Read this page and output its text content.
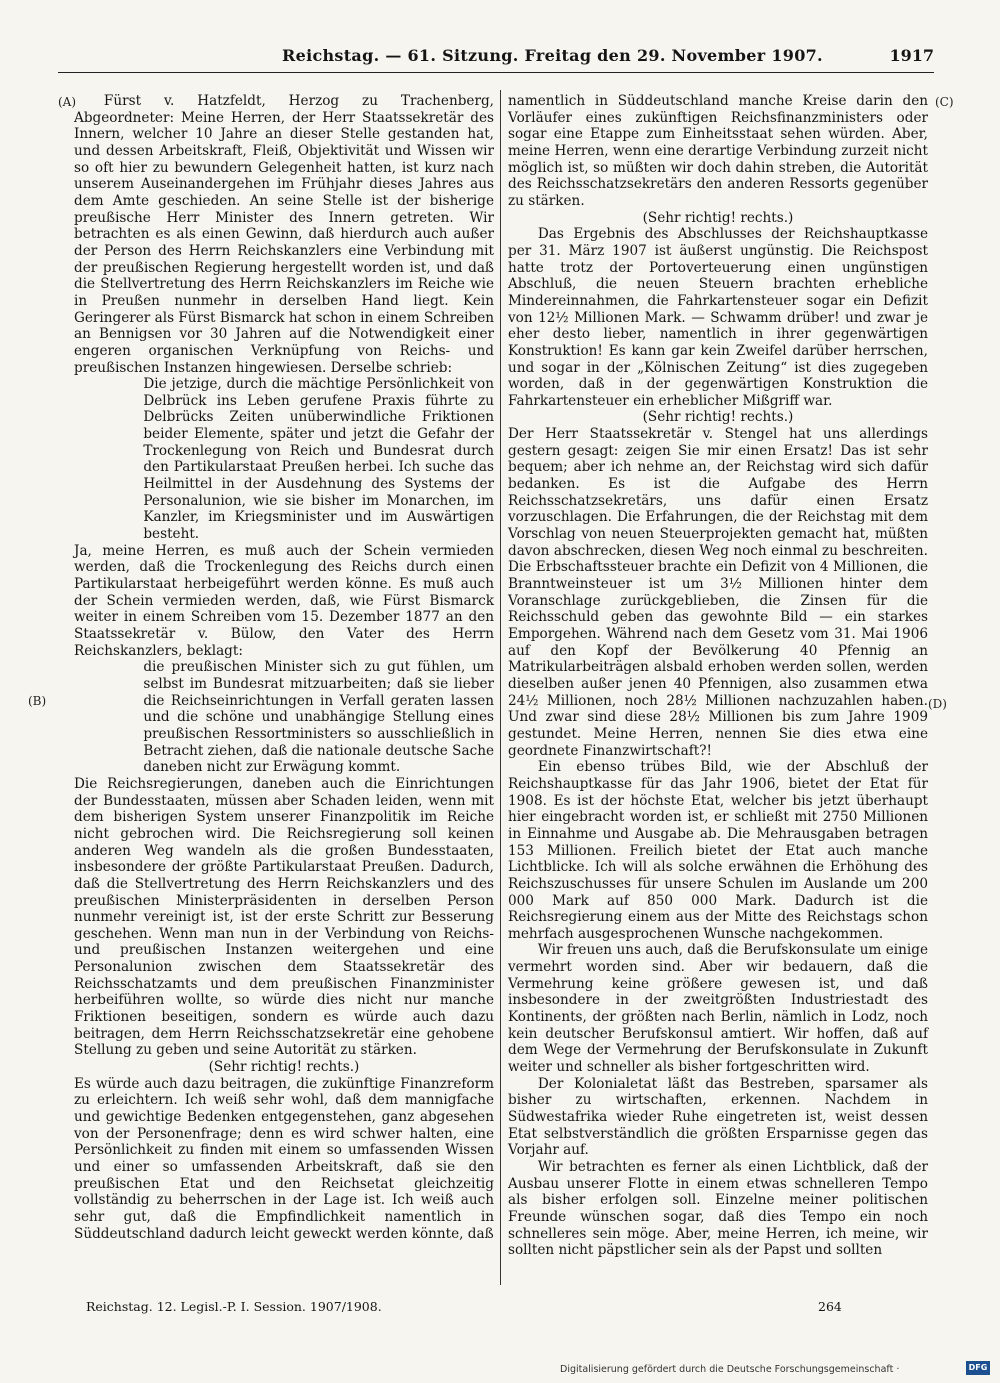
Reichstag. — 61. Sitzung. Freitag den 29. November 1907.	1917
(A)
(B)
(C)
(D)

Fürst v. Hatzfeldt, Herzog zu Trachenberg, Abgeordneter: Meine Herren, der Herr Staatssekretär des Innern, welcher 10 Jahre an dieser Stelle gestanden hat, und dessen Arbeitskraft, Fleiß, Objektivität und Wissen wir so oft hier zu bewundern Gelegenheit hatten, ist kurz nach unserem Auseinandergehen im Frühjahr dieses Jahres aus dem Amte geschieden. An seine Stelle ist der bisherige preußische Herr Minister des Innern getreten. Wir betrachten es als einen Gewinn, daß hierdurch auch außer der Person des Herrn Reichskanzlers eine Verbindung mit der preußischen Regierung hergestellt worden ist, und daß die Stellvertretung des Herrn Reichskanzlers im Reiche wie in Preußen nunmehr in derselben Hand liegt. Kein Geringerer als Fürst Bismarck hat schon in einem Schreiben an Bennigsen vor 30 Jahren auf die Notwendigkeit einer engeren organischen Verknüpfung von Reichs- und preußischen Instanzen hingewiesen. Derselbe schrieb:

Die jetzige, durch die mächtige Persönlichkeit von Delbrück ins Leben gerufene Praxis führte zu Delbrücks Zeiten unüberwindliche Friktionen beider Elemente, später und jetzt die Gefahr der Trockenlegung von Reich und Bundesrat durch den Partikularstaat Preußen herbei. Ich suche das Heilmittel in der Ausdehnung des Systems der Personalunion, wie sie bisher im Monarchen, im Kanzler, im Kriegsminister und im Auswärtigen besteht.

Ja, meine Herren, es muß auch der Schein vermieden werden, daß die Trockenlegung des Reichs durch einen Partikularstaat herbeigeführt werden könne. Es muß auch der Schein vermieden werden, daß, wie Fürst Bismarck weiter in einem Schreiben vom 15. Dezember 1877 an den Staatssekretär v. Bülow, den Vater des Herrn Reichskanzlers, beklagt:

die preußischen Minister sich zu gut fühlen, um selbst im Bundesrat mitzuarbeiten; daß sie lieber die Reichseinrichtungen in Verfall geraten lassen und die schöne und unabhängige Stellung eines preußischen Ressortministers so ausschließlich in Betracht ziehen, daß die nationale deutsche Sache daneben nicht zur Erwägung kommt.

Die Reichsregierungen, daneben auch die Einrichtungen der Bundesstaaten, müssen aber Schaden leiden, wenn mit dem bisherigen System unserer Finanzpolitik im Reiche nicht gebrochen wird. Die Reichsregierung soll keinen anderen Weg wandeln als die großen Bundesstaaten, insbesondere der größte Partikularstaat Preußen. Dadurch, daß die Stellvertretung des Herrn Reichskanzlers und des preußischen Ministerpräsidenten in derselben Person nunmehr vereinigt ist, ist der erste Schritt zur Besserung geschehen. Wenn man nun in der Verbindung von Reichs- und preußischen Instanzen weitergehen und eine Personalunion zwischen dem Staatssekretär des Reichsschatzamts und dem preußischen Finanzminister herbeiführen wollte, so würde dies nicht nur manche Friktionen beseitigen, sondern es würde auch dazu beitragen, dem Herrn Reichsschatzsekretär eine gehobene Stellung zu geben und seine Autorität zu stärken.

(Sehr richtig! rechts.)

Es würde auch dazu beitragen, die zukünftige Finanzreform zu erleichtern. Ich weiß sehr wohl, daß dem mannigfache und gewichtige Bedenken entgegenstehen, ganz abgesehen von der Personenfrage; denn es wird schwer halten, eine Persönlichkeit zu finden mit einem so umfassenden Wissen und einer so umfassenden Arbeitskraft, daß sie den preußischen Etat und den Reichsetat gleichzeitig vollständig zu beherrschen in der Lage ist. Ich weiß auch sehr gut, daß die Empfindlichkeit namentlich in Süddeutschland dadurch leicht geweckt werden könnte, daß

namentlich in Süddeutschland manche Kreise darin den Vorläufer eines zukünftigen Reichsfinanzministers oder sogar eine Etappe zum Einheitsstaat sehen würden. Aber, meine Herren, wenn eine derartige Verbindung zurzeit nicht möglich ist, so müßten wir doch dahin streben, die Autorität des Reichsschatzsekretärs den anderen Ressorts gegenüber zu stärken.

(Sehr richtig! rechts.)

Das Ergebnis des Abschlusses der Reichshauptkasse per 31. März 1907 ist äußerst ungünstig. Die Reichspost hatte trotz der Portoverteuerung einen ungünstigen Abschluß, die neuen Steuern brachten erhebliche Mindereinnahmen, die Fahrkartensteuer sogar ein Defizit von 12½ Millionen Mark. — Schwamm drüber! und zwar je eher desto lieber, namentlich in ihrer gegenwärtigen Konstruktion! Es kann gar kein Zweifel darüber herrschen, und sogar in der „Kölnischen Zeitung“ ist dies zugegeben worden, daß in der gegenwärtigen Konstruktion die Fahrkartensteuer ein erheblicher Mißgriff war.

(Sehr richtig! rechts.)

Der Herr Staatssekretär v. Stengel hat uns allerdings gestern gesagt: zeigen Sie mir einen Ersatz! Das ist sehr bequem; aber ich nehme an, der Reichstag wird sich dafür bedanken. Es ist die Aufgabe des Herrn Reichsschatzsekretärs, uns dafür einen Ersatz vorzuschlagen. Die Erfahrungen, die der Reichstag mit dem Vorschlag von neuen Steuerprojekten gemacht hat, müßten davon abschrecken, diesen Weg noch einmal zu beschreiten. Die Erbschaftssteuer brachte ein Defizit von 4 Millionen, die Branntweinsteuer ist um 3½ Millionen hinter dem Voranschlage zurückgeblieben, die Zinsen für die Reichsschuld geben das gewohnte Bild — ein starkes Emporgehen. Während nach dem Gesetz vom 31. Mai 1906 auf den Kopf der Bevölkerung 40 Pfennig an Matrikularbeiträgen alsbald erhoben werden sollen, werden dieselben außer jenen 40 Pfennigen, also zusammen etwa 24½ Millionen, noch 28½ Millionen nachzuzahlen haben. Und zwar sind diese 28½ Millionen bis zum Jahre 1909 gestundet. Meine Herren, nennen Sie dies etwa eine geordnete Finanzwirtschaft?!

Ein ebenso trübes Bild, wie der Abschluß der Reichshauptkasse für das Jahr 1906, bietet der Etat für 1908. Es ist der höchste Etat, welcher bis jetzt überhaupt hier eingebracht worden ist, er schließt mit 2750 Millionen in Einnahme und Ausgabe ab. Die Mehrausgaben betragen 153 Millionen. Freilich bietet der Etat auch manche Lichtblicke. Ich will als solche erwähnen die Erhöhung des Reichszuschusses für unsere Schulen im Auslande um 200 000 Mark auf 850 000 Mark. Dadurch ist die Reichsregierung einem aus der Mitte des Reichstags schon mehrfach ausgesprochenen Wunsche nachgekommen.

Wir freuen uns auch, daß die Berufskonsulate um einige vermehrt worden sind. Aber wir bedauern, daß die Vermehrung keine größere gewesen ist, und daß insbesondere in der zweitgrößten Industriestadt des Kontinents, der größten nach Berlin, nämlich in Lodz, noch kein deutscher Berufskonsul amtiert. Wir hoffen, daß auf dem Wege der Vermehrung der Berufskonsulate in Zukunft weiter und schneller als bisher fortgeschritten wird.

Der Kolonialetat läßt das Bestreben, sparsamer als bisher zu wirtschaften, erkennen. Nachdem in Südwestafrika wieder Ruhe eingetreten ist, weist dessen Etat selbstverständlich die größten Ersparnisse gegen das Vorjahr auf.

Wir betrachten es ferner als einen Lichtblick, daß der Ausbau unserer Flotte in einem etwas schnelleren Tempo als bisher erfolgen soll. Einzelne meiner politischen Freunde wünschen sogar, daß dies Tempo ein noch schnelleres sein möge. Aber, meine Herren, ich meine, wir sollten nicht päpstlicher sein als der Papst und sollten

Reichstag. 12. Legisl.-P. I. Session. 1907/1908.	264
Digitalisierung gefördert durch die Deutsche Forschungsgemeinschaft ·	DFG
